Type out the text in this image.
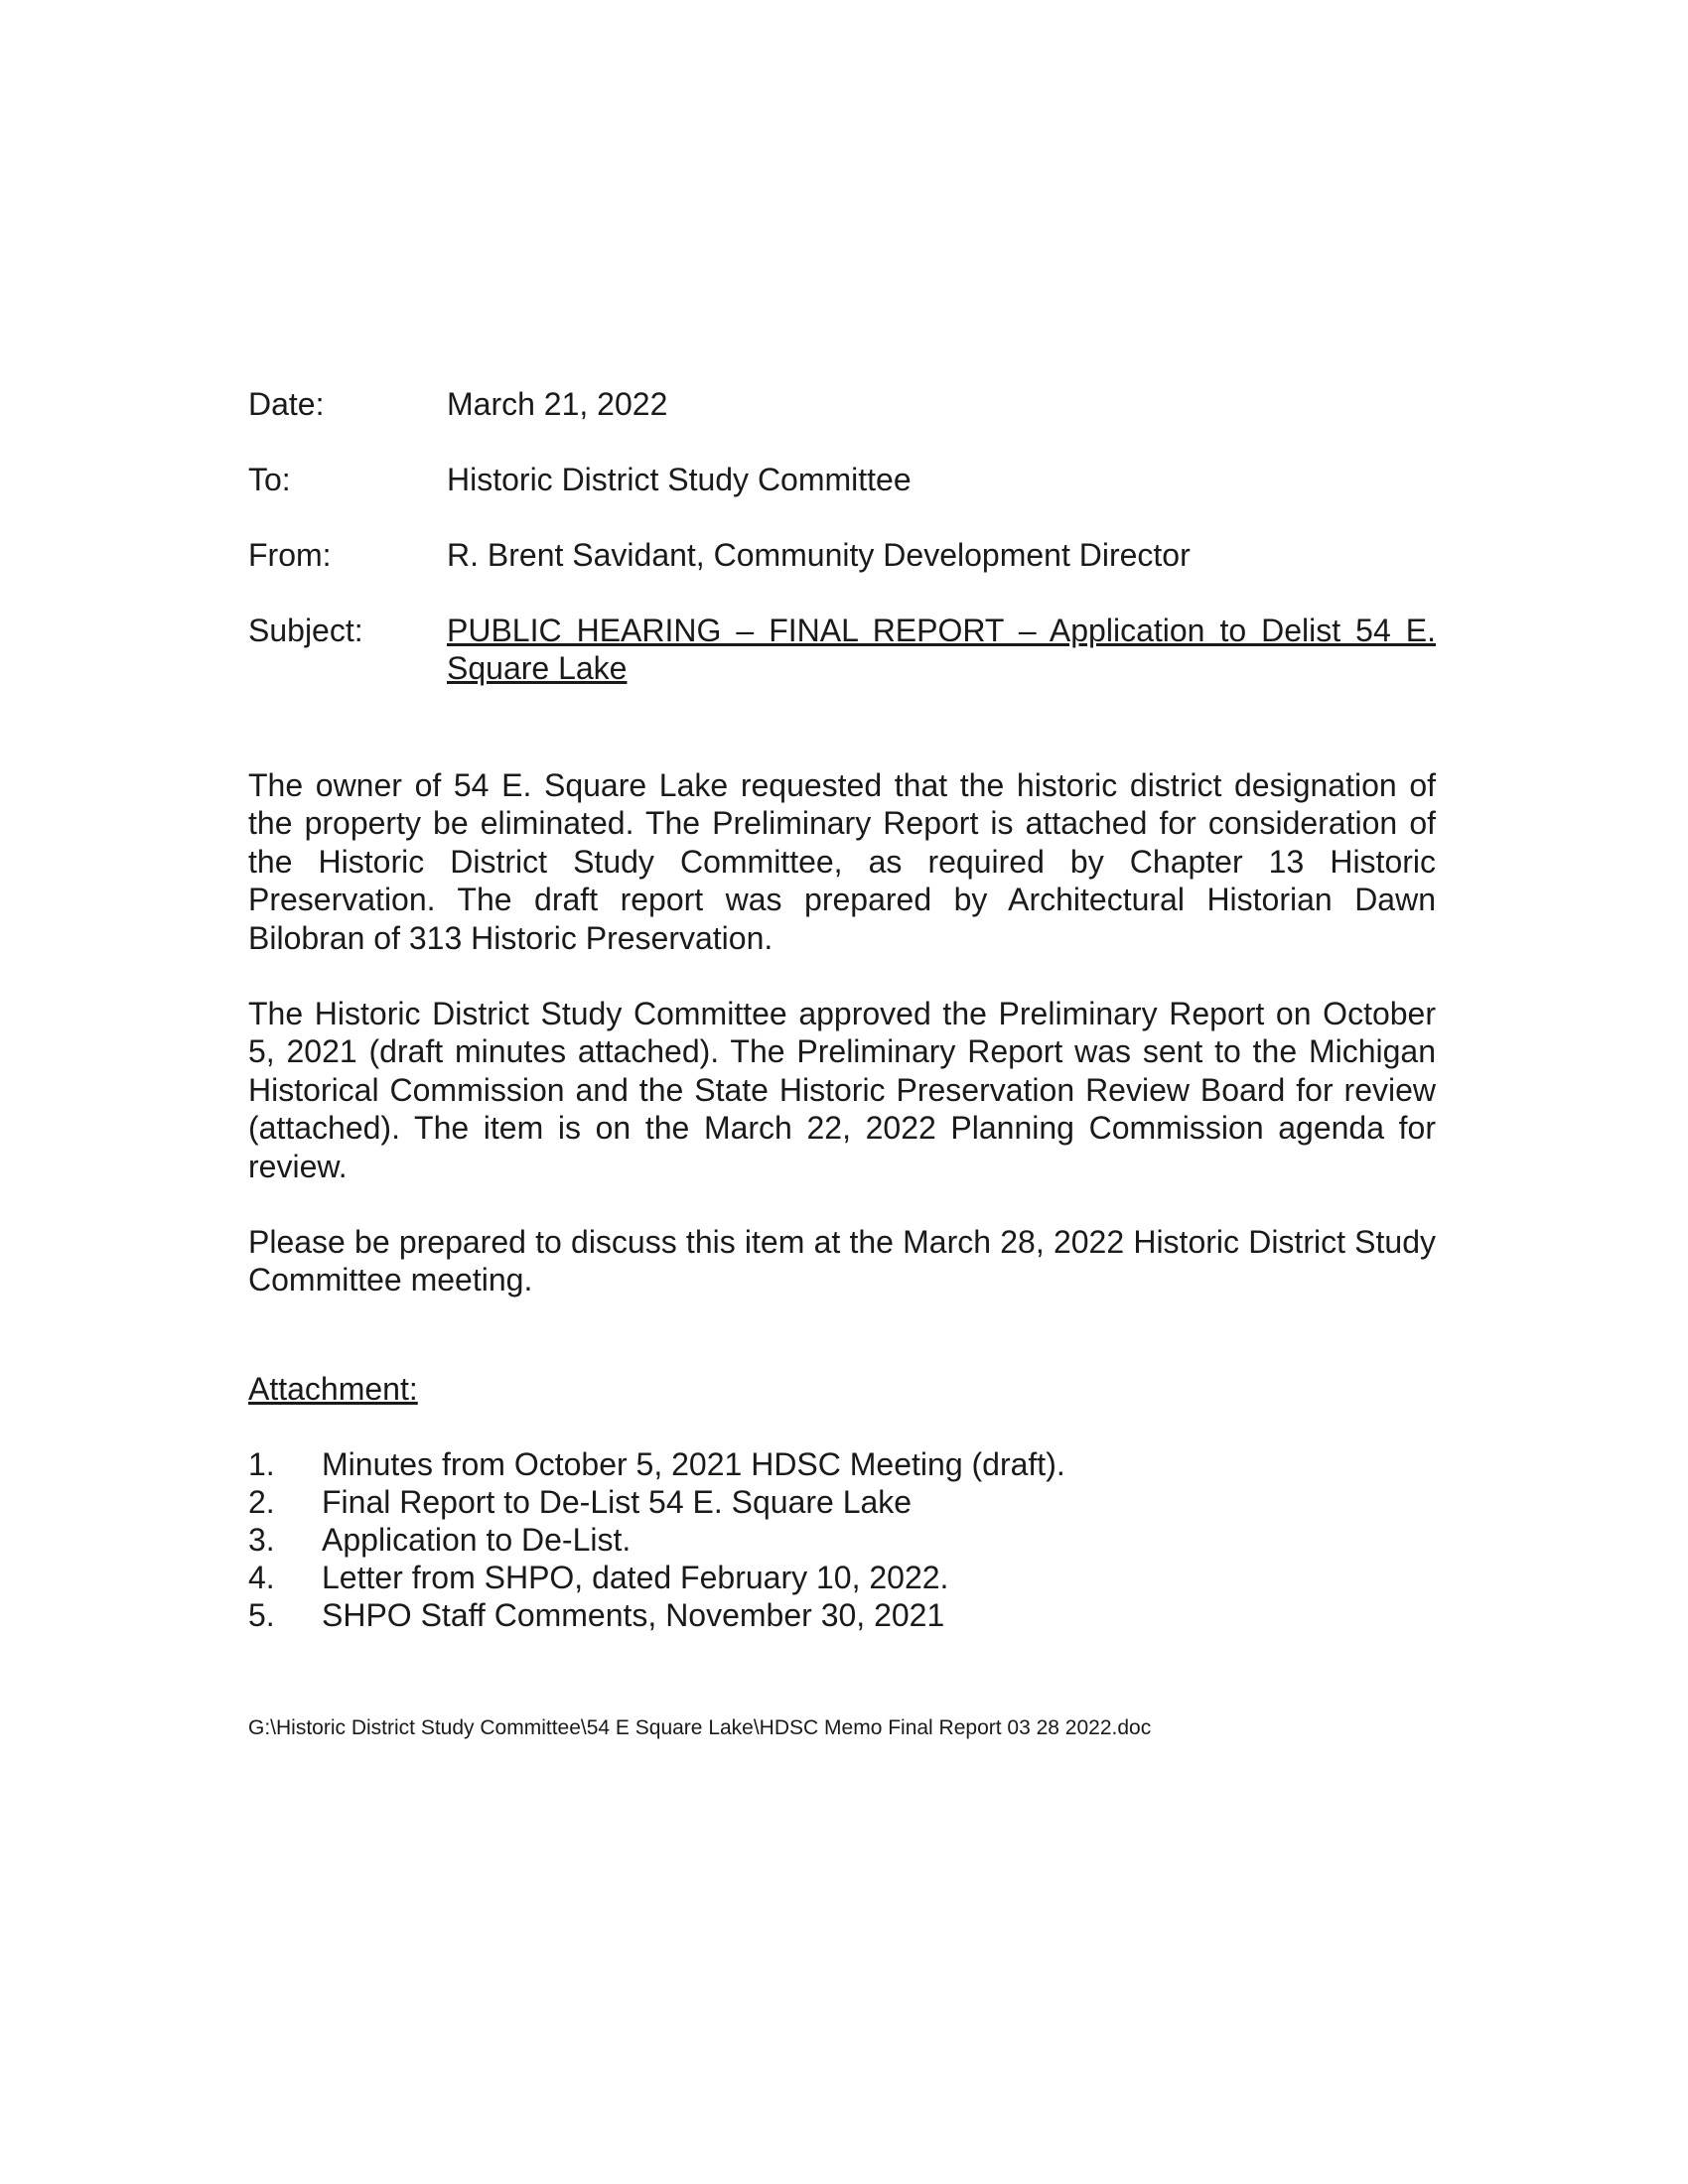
Date:	March 21, 2022
To:	Historic District Study Committee
From:	R. Brent Savidant, Community Development Director
Subject:	PUBLIC HEARING – FINAL REPORT – Application to Delist 54 E. Square Lake

The owner of 54 E. Square Lake requested that the historic district designation of the property be eliminated. The Preliminary Report is attached for consideration of the Historic District Study Committee, as required by Chapter 13 Historic Preservation. The draft report was prepared by Architectural Historian Dawn Bilobran of 313 Historic Preservation.

The Historic District Study Committee approved the Preliminary Report on October 5, 2021 (draft minutes attached). The Preliminary Report was sent to the Michigan Historical Commission and the State Historic Preservation Review Board for review (attached). The item is on the March 22, 2022 Planning Commission agenda for review.

Please be prepared to discuss this item at the March 28, 2022 Historic District Study Committee meeting.

Attachment:
1.	Minutes from October 5, 2021 HDSC Meeting (draft).
2.	Final Report to De-List 54 E. Square Lake
3.	Application to De-List.
4.	Letter from SHPO, dated February 10, 2022.
5.	SHPO Staff Comments, November 30, 2021
G:\Historic District Study Committee\54 E Square Lake\HDSC Memo Final Report 03 28 2022.doc
